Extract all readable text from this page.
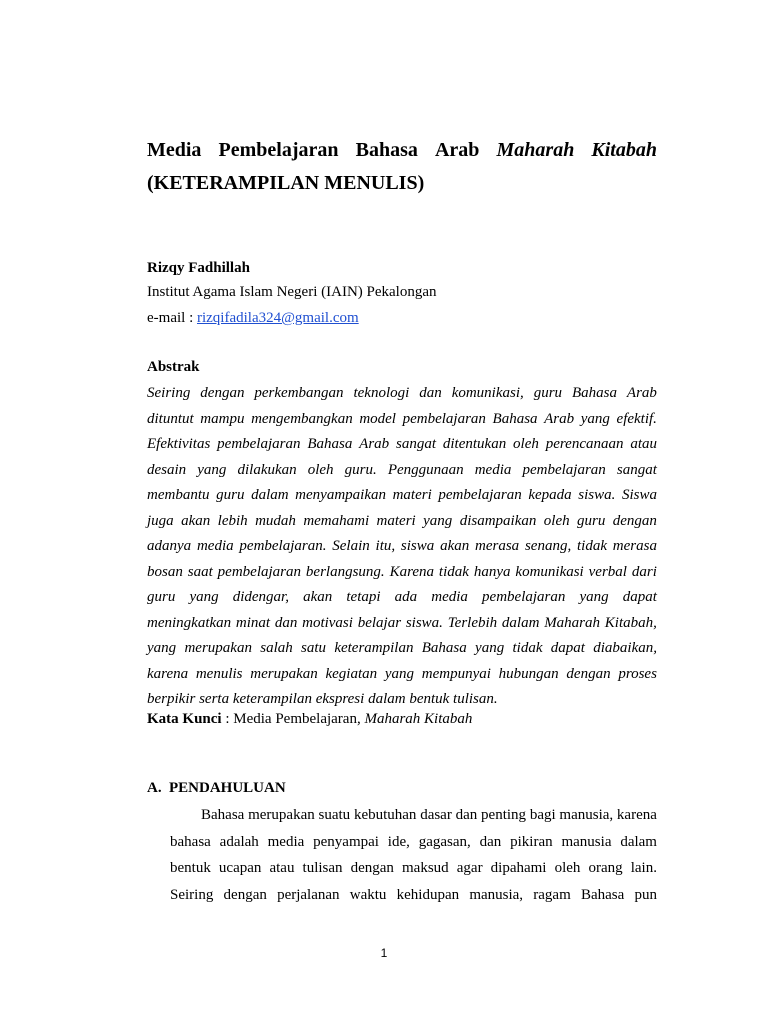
Media Pembelajaran Bahasa Arab Maharah Kitabah
(KETERAMPILAN MENULIS)
Rizqy Fadhillah
Institut Agama Islam Negeri (IAIN) Pekalongan
e-mail : rizqifadila324@gmail.com
Abstrak
Seiring dengan perkembangan teknologi dan komunikasi, guru Bahasa Arab
dituntut mampu mengembangkan model pembelajaran Bahasa Arab yang efektif.
Efektivitas pembelajaran Bahasa Arab sangat ditentukan oleh perencanaan atau
desain yang dilakukan oleh guru. Penggunaan media pembelajaran sangat
membantu guru dalam menyampaikan materi pembelajaran kepada siswa. Siswa
juga akan lebih mudah memahami materi yang disampaikan oleh guru dengan
adanya media pembelajaran. Selain itu, siswa akan merasa senang, tidak merasa
bosan saat pembelajaran berlangsung. Karena tidak hanya komunikasi verbal dari
guru yang didengar, akan tetapi ada media pembelajaran yang dapat
meningkatkan minat dan motivasi belajar siswa. Terlebih dalam Maharah Kitabah,
yang merupakan salah satu keterampilan Bahasa yang tidak dapat diabaikan,
karena menulis merupakan kegiatan yang mempunyai hubungan dengan proses
berpikir serta keterampilan ekspresi dalam bentuk tulisan.
Kata Kunci : Media Pembelajaran, Maharah Kitabah
A. PENDAHULUAN
Bahasa merupakan suatu kebutuhan dasar dan penting bagi manusia, karena
bahasa adalah media penyampai ide, gagasan, dan pikiran manusia dalam
bentuk ucapan atau tulisan dengan maksud agar dipahami oleh orang lain.
Seiring dengan perjalanan waktu kehidupan manusia, ragam Bahasa pun
1
